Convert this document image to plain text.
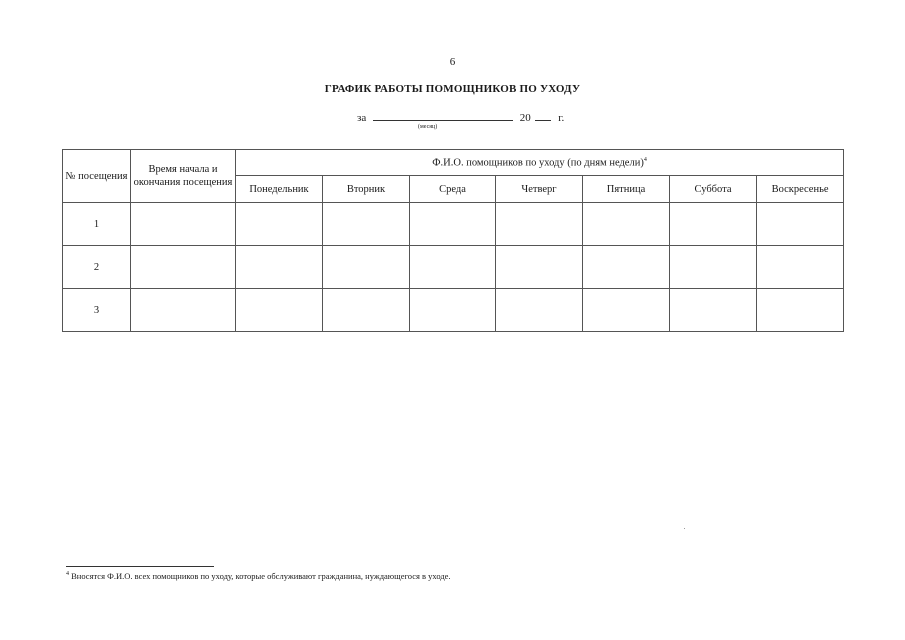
6
ГРАФИК РАБОТЫ ПОМОЩНИКОВ ПО УХОДУ
за	20	г.
(месяц)
№ посещения	Время начала и окончания посещения	Ф.И.О. помощников по уходу (по дням недели)$^4$
		Понедельник	Вторник	Среда	Четверг	Пятница	Суббота	Воскресенье
1								
2								
3								
$^4$ Вносятся Ф.И.О. всех помощников по уходу, которые обслуживают гражданина, нуждающегося в уходе.
